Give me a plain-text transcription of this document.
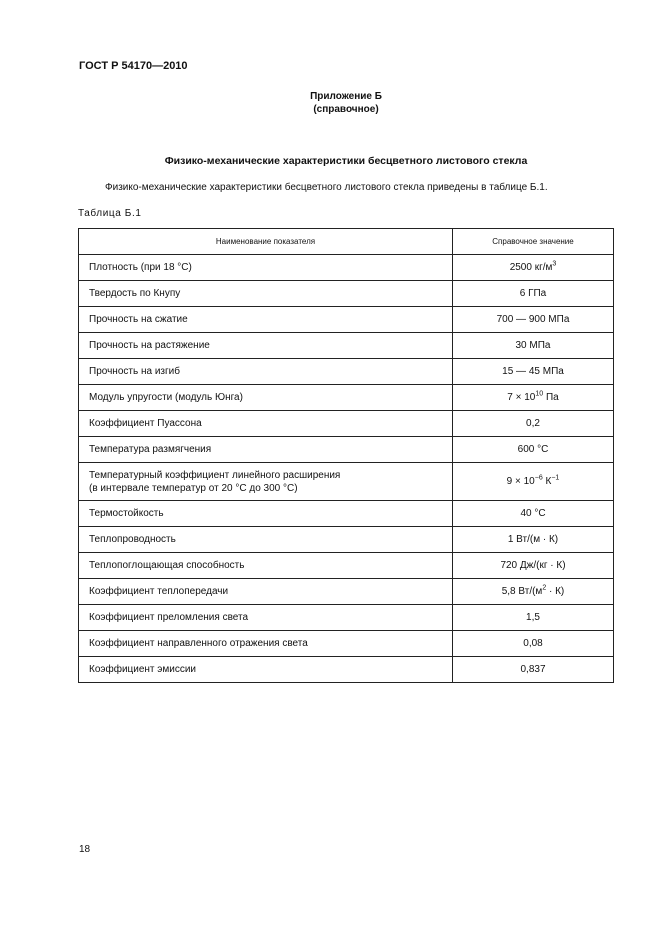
ГОСТ Р 54170—2010
Приложение Б
(справочное)
Физико-механические характеристики бесцветного листового стекла
Физико-механические характеристики бесцветного листового стекла приведены в таблице Б.1.
Таблица Б.1
Наименование показателя	Справочное значение
Плотность (при 18 °С)	2500 $кг/м^3$
Твердость по Кнупу	6 ГПа
Прочность на сжатие	700 — 900 МПа
Прочность на растяжение	30 МПа
Прочность на изгиб	15 — 45 МПа
Модуль упругости (модуль Юнга)	$7 \times 10^{10}$ Па
Коэффициент Пуассона	0,2
Температура размягчения	600 °С

Температурный коэффициент линейного расширения
(в интервале температур от 20 °С до 300 °С)	$9 \times 10^{-6}$ $К^{-1}$
Термостойкость	40 °С
Теплопроводность	1 Вт/(м · К)
Теплопоглощающая способность	720 Дж/(кг · К)
Коэффициент теплопередачи	5,8 $Вт/(м^2 \cdot К)$
Коэффициент преломления света	1,5
Коэффициент направленного отражения света	0,08
Коэффициент эмиссии	0,837
18
